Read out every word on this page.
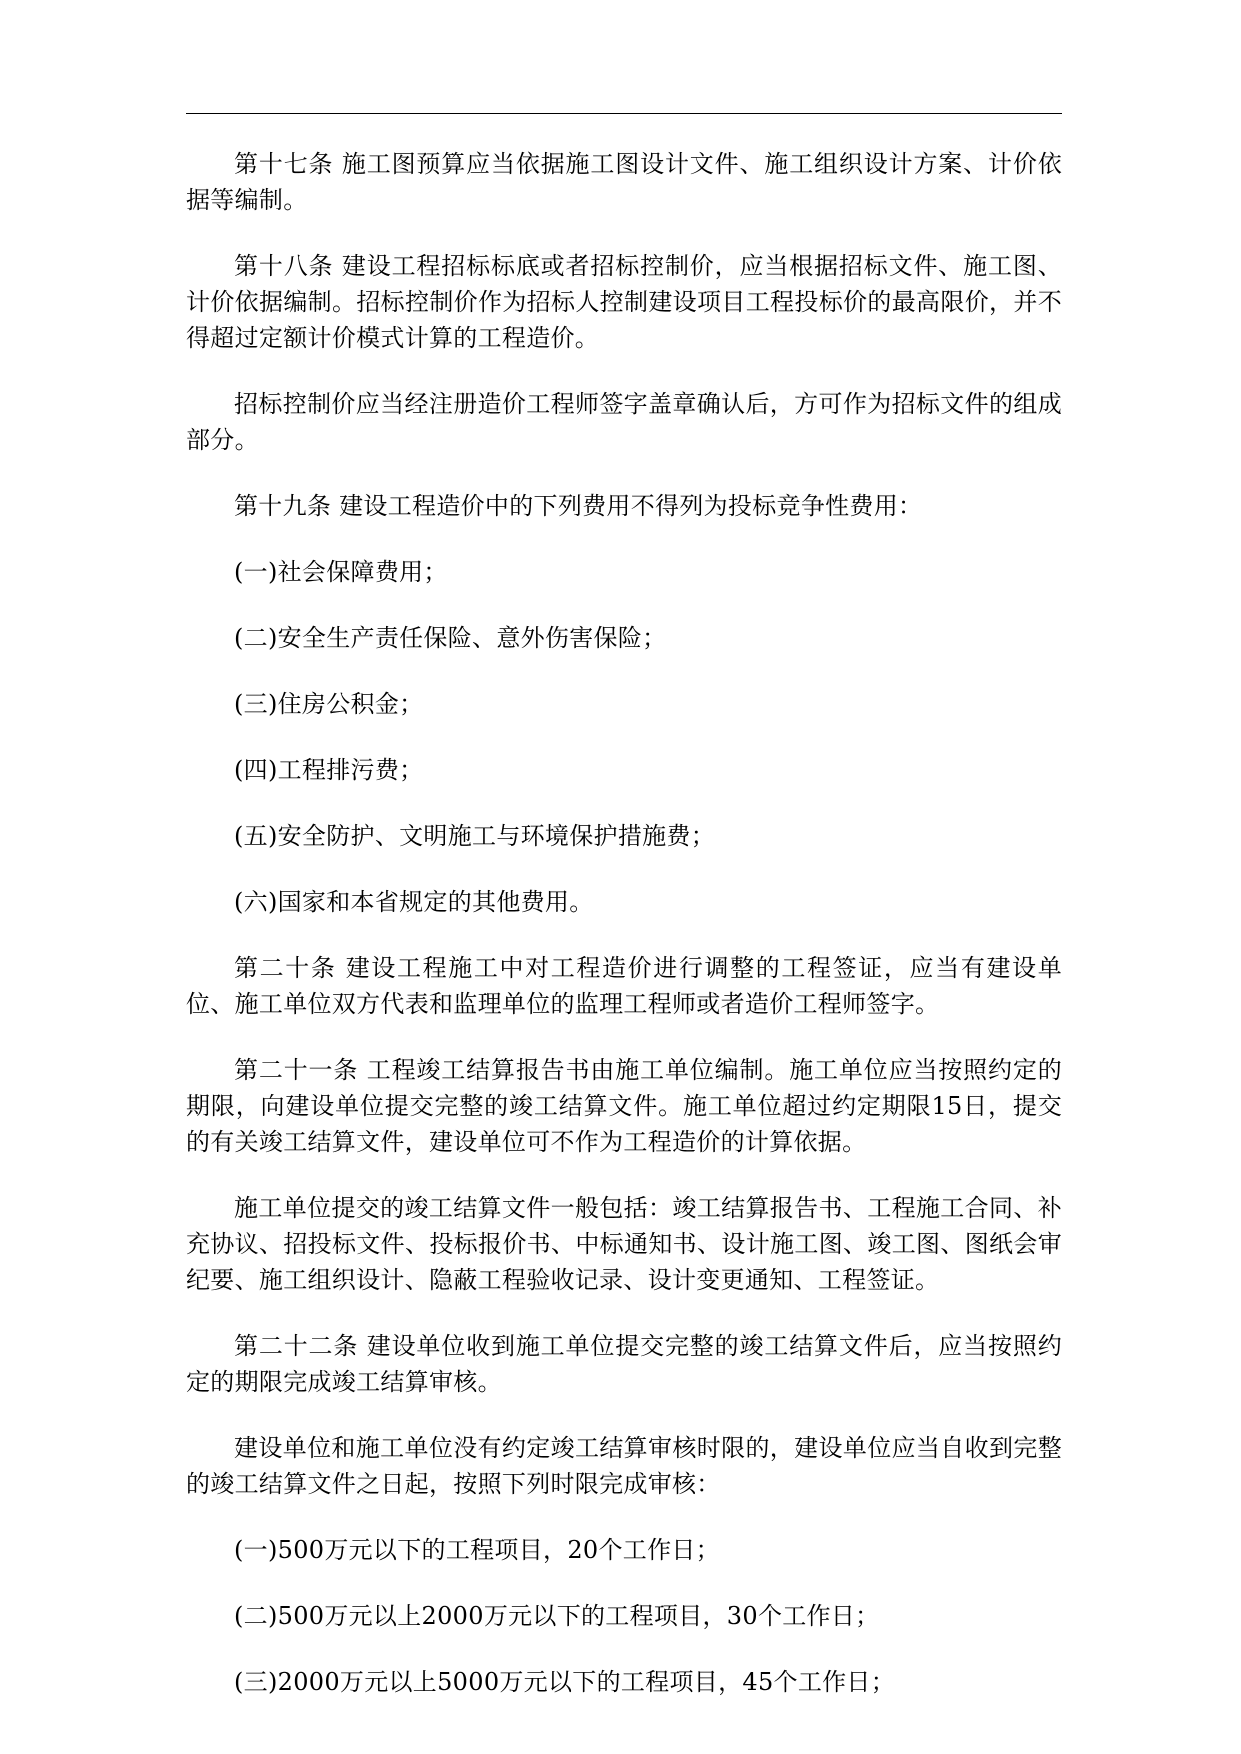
第十七条 施工图预算应当依据施工图设计文件、施工组织设计方案、计价依据等编制。

第十八条 建设工程招标标底或者招标控制价，应当根据招标文件、施工图、计价依据编制。招标控制价作为招标人控制建设项目工程投标价的最高限价，并不得超过定额计价模式计算的工程造价。

招标控制价应当经注册造价工程师签字盖章确认后，方可作为招标文件的组成部分。

第十九条 建设工程造价中的下列费用不得列为投标竞争性费用：

(一)社会保障费用；

(二)安全生产责任保险、意外伤害保险；

(三)住房公积金；

(四)工程排污费；

(五)安全防护、文明施工与环境保护措施费；

(六)国家和本省规定的其他费用。

第二十条 建设工程施工中对工程造价进行调整的工程签证，应当有建设单位、施工单位双方代表和监理单位的监理工程师或者造价工程师签字。

第二十一条 工程竣工结算报告书由施工单位编制。施工单位应当按照约定的期限，向建设单位提交完整的竣工结算文件。施工单位超过约定期限15日，提交的有关竣工结算文件，建设单位可不作为工程造价的计算依据。

施工单位提交的竣工结算文件一般包括：竣工结算报告书、工程施工合同、补充协议、招投标文件、投标报价书、中标通知书、设计施工图、竣工图、图纸会审纪要、施工组织设计、隐蔽工程验收记录、设计变更通知、工程签证。

第二十二条 建设单位收到施工单位提交完整的竣工结算文件后，应当按照约定的期限完成竣工结算审核。

建设单位和施工单位没有约定竣工结算审核时限的，建设单位应当自收到完整的竣工结算文件之日起，按照下列时限完成审核：

(一)500万元以下的工程项目，20个工作日；

(二)500万元以上2000万元以下的工程项目，30个工作日；

(三)2000万元以上5000万元以下的工程项目，45个工作日；
